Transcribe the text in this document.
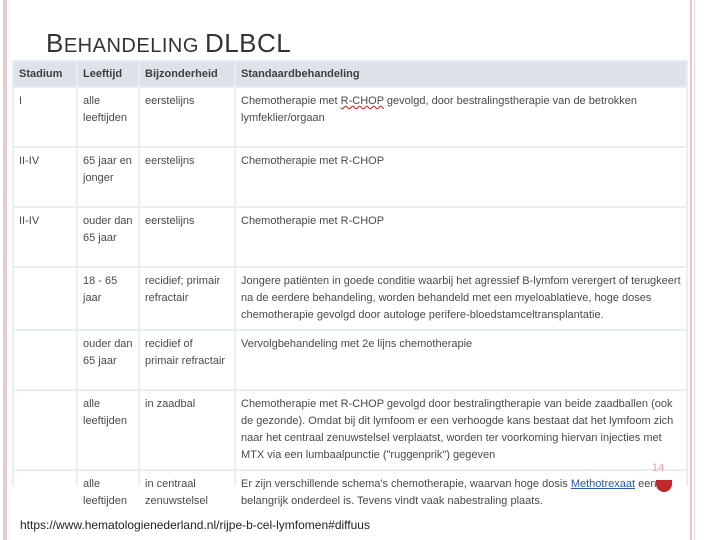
BEHANDELING DLBCL
Stadium	Leeftijd	Bijzonderheid	Standaardbehandeling
I	alle leeftijden	eerstelijns	Chemotherapie met R-CHOP gevolgd, door bestralingstherapie van de betrokken lymfeklier/orgaan
II-IV	65 jaar en jonger	eerstelijns	Chemotherapie met R-CHOP
II-IV	ouder dan 65 jaar	eerstelijns	Chemotherapie met R-CHOP
	18 - 65 jaar	recidief; primair refractair	Jongere patiënten in goede conditie waarbij het agressief B-lymfom verergert of terugkeert na de eerdere behandeling, worden behandeld met een myeloablatieve, hoge doses chemotherapie gevolgd door autologe perifere-bloedstamceltransplantatie.
	ouder dan 65 jaar	recidief of primair refractair	Vervolgbehandeling met 2e lijns chemotherapie
	alle leeftijden	in zaadbal	Chemotherapie met R-CHOP gevolgd door bestralingtherapie van beide zaadballen (ook de gezonde). Omdat bij dit lymfoom er een verhoogde kans bestaat dat het lymfoom zich naar het centraal zenuwstelsel verplaatst, worden ter voorkoming hiervan injecties met MTX via een lumbaalpunctie ("ruggenprik") gegeven
	alle leeftijden	in centraal zenuwstelsel	Er zijn verschillende schema's chemotherapie, waarvan hoge dosis Methotrexaat een belangrijk onderdeel is. Tevens vindt vaak nabestraling plaats.
14
https://www.hematologienederland.nl/rijpe-b-cel-lymfomen#diffuus
